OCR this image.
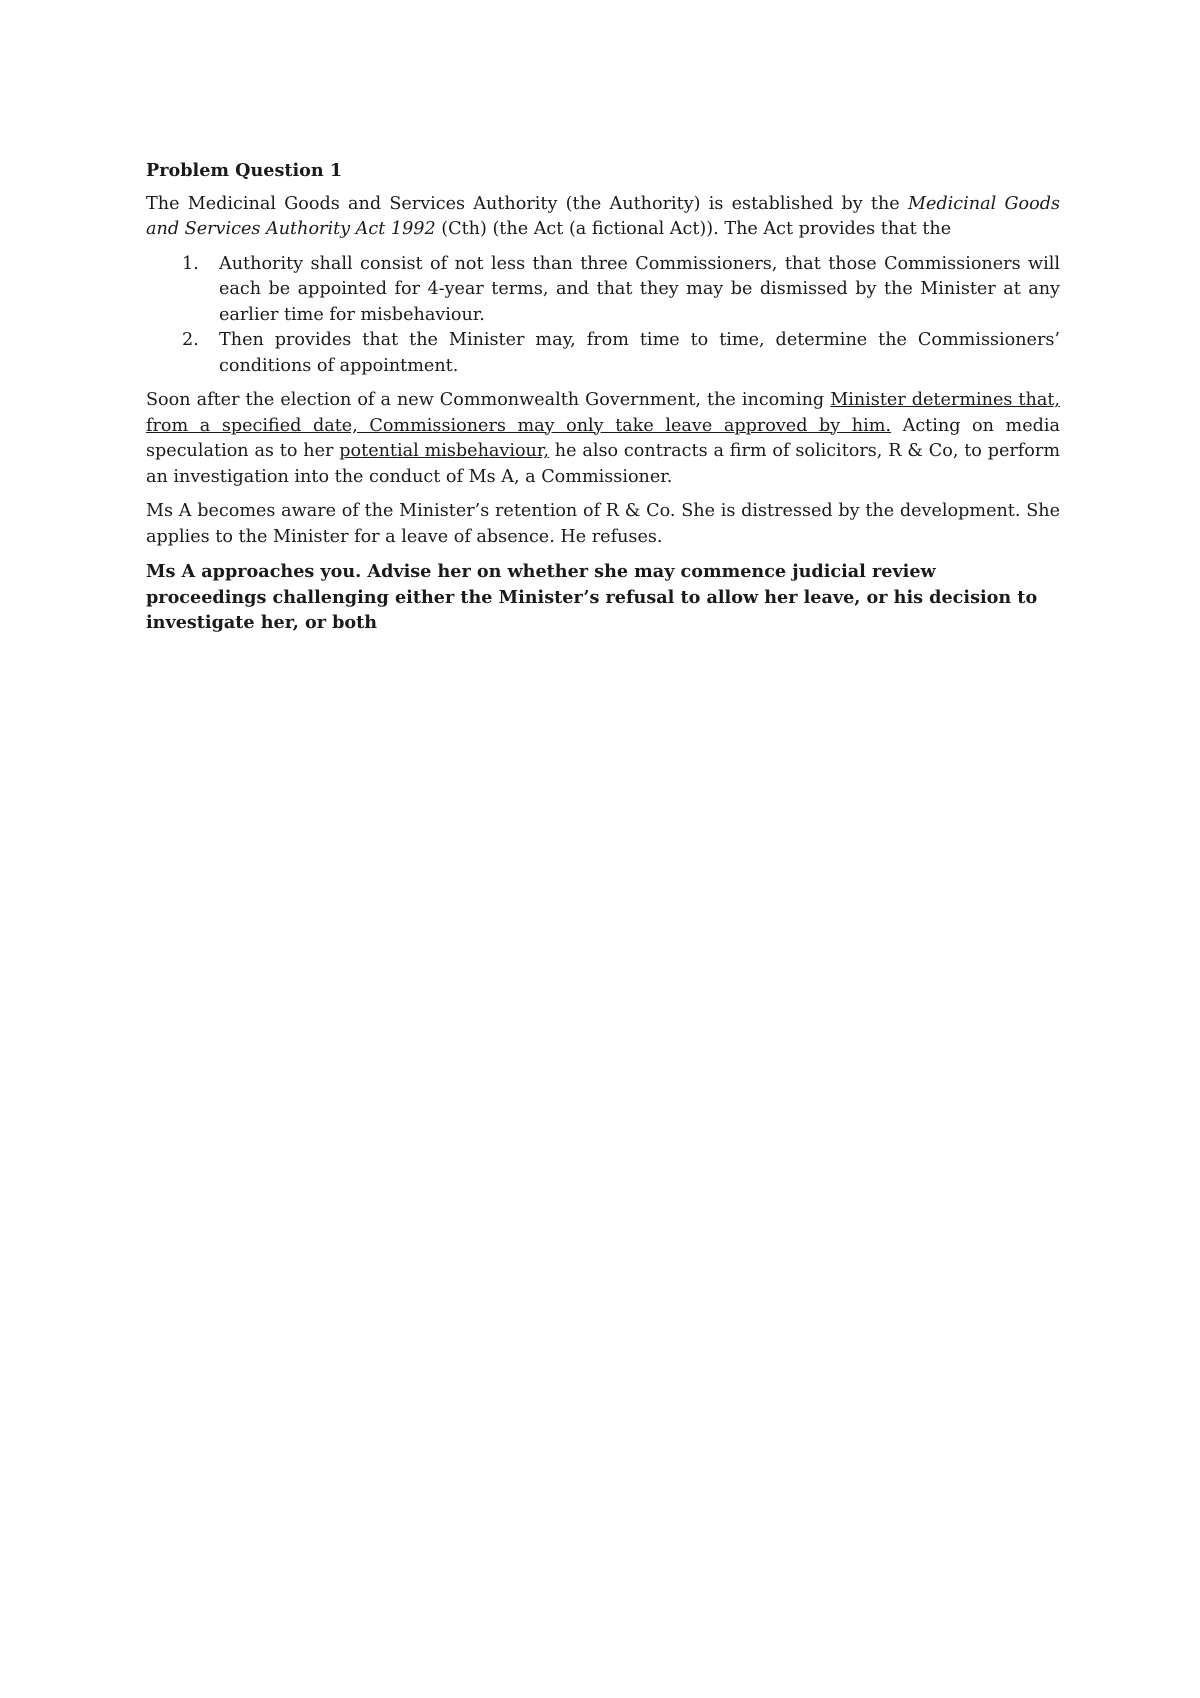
Problem Question 1

The Medicinal Goods and Services Authority (the Authority) is established by the Medicinal Goods and Services Authority Act 1992 (Cth) (the Act (a fictional Act)). The Act provides that the

1. Authority shall consist of not less than three Commissioners, that those Commissioners will each be appointed for 4-year terms, and that they may be dismissed by the Minister at any earlier time for misbehaviour.
2. Then provides that the Minister may, from time to time, determine the Commissioners’ conditions of appointment.

Soon after the election of a new Commonwealth Government, the incoming Minister determines that, from a specified date, Commissioners may only take leave approved by him. Acting on media speculation as to her potential misbehaviour, he also contracts a firm of solicitors, R & Co, to perform an investigation into the conduct of Ms A, a Commissioner.

Ms A becomes aware of the Minister’s retention of R & Co. She is distressed by the development. She applies to the Minister for a leave of absence. He refuses.

Ms A approaches you. Advise her on whether she may commence judicial review proceedings challenging either the Minister’s refusal to allow her leave, or his decision to investigate her, or both
